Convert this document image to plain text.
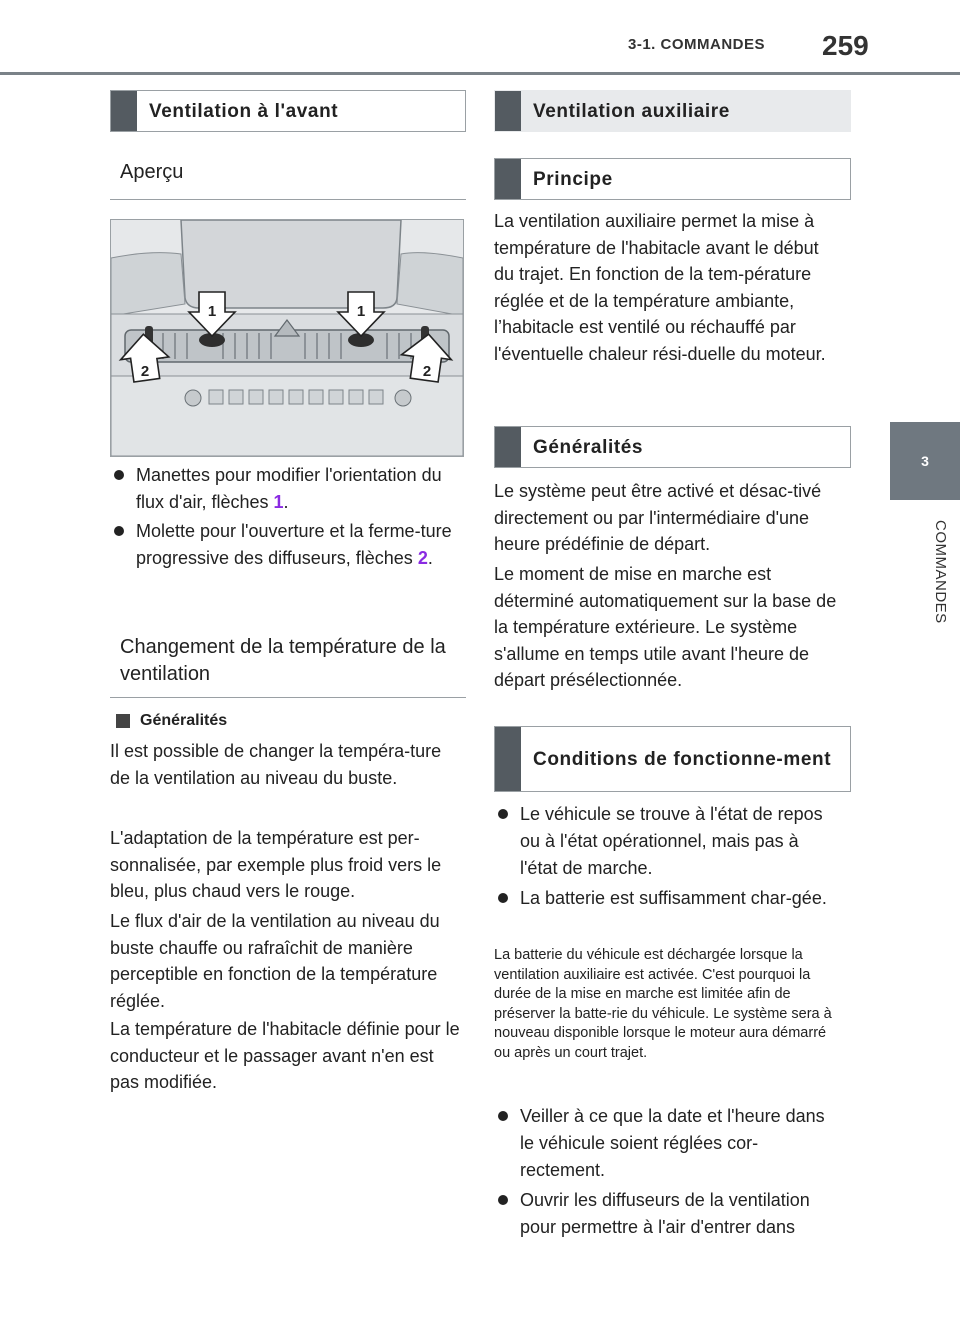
3-1. COMMANDES 259
3
COMMANDES
Ventilation à l'avant
Aperçu
1	1
2	2
Manettes pour modifier l'orientation du flux d'air, flèches 1.
Molette pour l'ouverture et la ferme-ture progressive des diffuseurs, flèches 2.
Changement de la température de la ventilation
Généralités

Il est possible de changer la tempéra-ture de la ventilation au niveau du buste.

L'adaptation de la température est per-sonnalisée, par exemple plus froid vers le bleu, plus chaud vers le rouge.

Le flux d'air de la ventilation au niveau du buste chauffe ou rafraîchit de manière perceptible en fonction de la température réglée.

La température de l'habitacle définie pour le conducteur et le passager avant n'en est pas modifiée.

Ventilation auxiliaire
Principe

La ventilation auxiliaire permet la mise à température de l'habitacle avant le début du trajet. En fonction de la tem-pérature réglée et de la température ambiante, l’habitacle est ventilé ou réchauffé par l'éventuelle chaleur rési-duelle du moteur.

Généralités

Le système peut être activé et désac-tivé directement ou par l'intermédiaire d'une heure prédéfinie de départ.

Le moment de mise en marche est déterminé automatiquement sur la base de la température extérieure. Le système s'allume en temps utile avant l'heure de départ présélectionnée.

Conditions de fonctionne-ment
Le véhicule se trouve à l'état de repos ou à l'état opérationnel, mais pas à l'état de marche.
La batterie est suffisamment char-gée.

La batterie du véhicule est déchargée lorsque la ventilation auxiliaire est activée. C'est pourquoi la durée de la mise en marche est limitée afin de préserver la batte-rie du véhicule. Le système sera à nouveau disponible lorsque le moteur aura démarré ou après un court trajet.

Veiller à ce que la date et l'heure dans le véhicule soient réglées cor-rectement.
Ouvrir les diffuseurs de la ventilation pour permettre à l'air d'entrer dans
